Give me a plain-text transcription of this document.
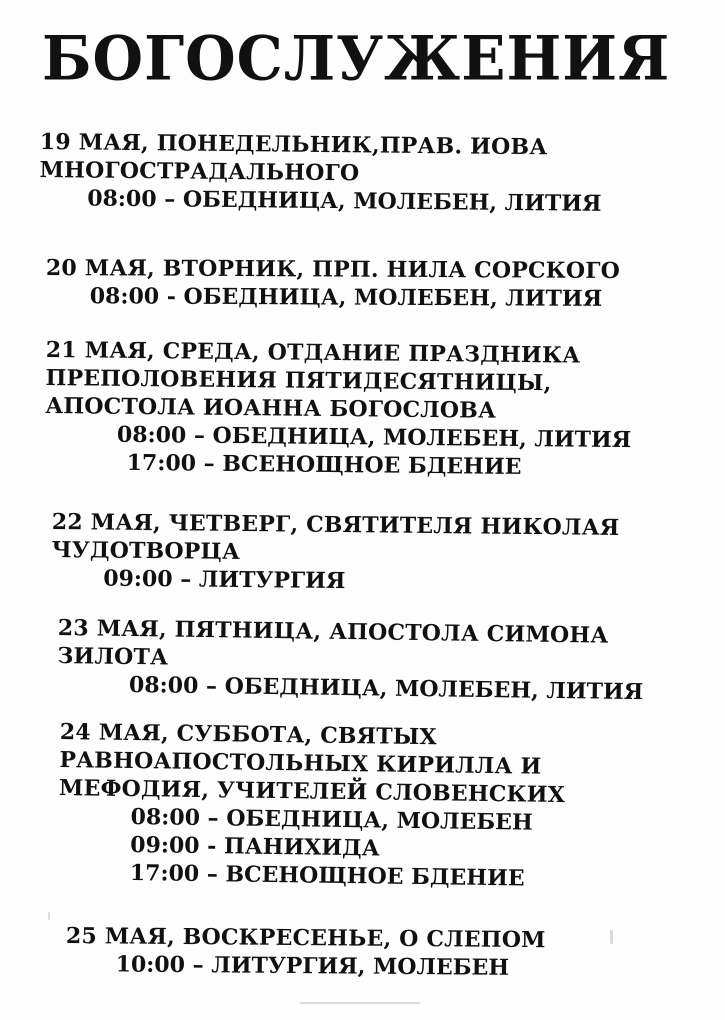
БОГОСЛУЖЕНИЯ
19 МАЯ, ПОНЕДЕЛЬНИК,ПРАВ. ИОВА
МНОГОСТРАДАЛЬНОГО
08:00 – ОБЕДНИЦА, МОЛЕБЕН, ЛИТИЯ
20 МАЯ, ВТОРНИК, ПРП. НИЛА СОРСКОГО
08:00 - ОБЕДНИЦА, МОЛЕБЕН, ЛИТИЯ
21 МАЯ, СРЕДА, ОТДАНИЕ ПРАЗДНИКА
ПРЕПОЛОВЕНИЯ ПЯТИДЕСЯТНИЦЫ,
АПОСТОЛА ИОАННА БОГОСЛОВА
08:00 – ОБЕДНИЦА, МОЛЕБЕН, ЛИТИЯ
17:00 – ВСЕНОЩНОЕ БДЕНИЕ
22 МАЯ, ЧЕТВЕРГ, СВЯТИТЕЛЯ НИКОЛАЯ
ЧУДОТВОРЦА
09:00 – ЛИТУРГИЯ
23 МАЯ, ПЯТНИЦА, АПОСТОЛА СИМОНА
ЗИЛОТА
08:00 – ОБЕДНИЦА, МОЛЕБЕН, ЛИТИЯ
24 МАЯ, СУББОТА, СВЯТЫХ
РАВНОАПОСТОЛЬНЫХ КИРИЛЛА И
МЕФОДИЯ, УЧИТЕЛЕЙ СЛОВЕНСКИХ
08:00 – ОБЕДНИЦА, МОЛЕБЕН
09:00 - ПАНИХИДА
17:00 – ВСЕНОЩНОЕ БДЕНИЕ
25 МАЯ, ВОСКРЕСЕНЬЕ, О СЛЕПОМ
10:00 – ЛИТУРГИЯ, МОЛЕБЕН
